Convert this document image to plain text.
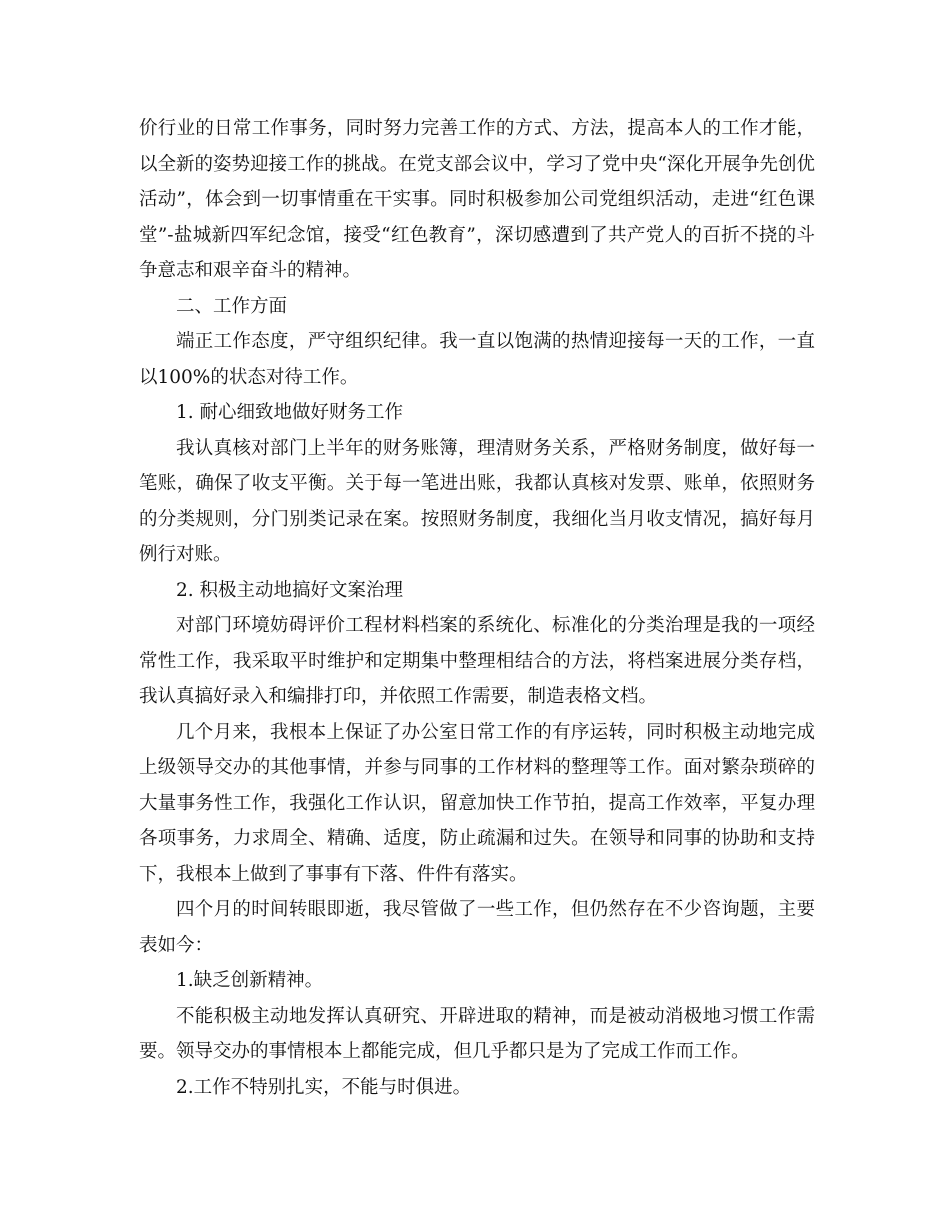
价行业的日常工作事务，同时努力完善工作的方式、方法，提高本人的工作才能，以全新的姿势迎接工作的挑战。在党支部会议中，学习了党中央“深化开展争先创优活动”，体会到一切事情重在干实事。同时积极参加公司党组织活动，走进“红色课堂”-盐城新四军纪念馆，接受“红色教育”，深切感遭到了共产党人的百折不挠的斗争意志和艰辛奋斗的精神。

二、工作方面

端正工作态度，严守组织纪律。我一直以饱满的热情迎接每一天的工作，一直以100%的状态对待工作。

1. 耐心细致地做好财务工作

我认真核对部门上半年的财务账簿，理清财务关系，严格财务制度，做好每一笔账，确保了收支平衡。关于每一笔进出账，我都认真核对发票、账单，依照财务的分类规则，分门别类记录在案。按照财务制度，我细化当月收支情况，搞好每月例行对账。

2. 积极主动地搞好文案治理

对部门环境妨碍评价工程材料档案的系统化、标准化的分类治理是我的一项经常性工作，我采取平时维护和定期集中整理相结合的方法，将档案进展分类存档，我认真搞好录入和编排打印，并依照工作需要，制造表格文档。

几个月来，我根本上保证了办公室日常工作的有序运转，同时积极主动地完成上级领导交办的其他事情，并参与同事的工作材料的整理等工作。面对繁杂琐碎的大量事务性工作，我强化工作认识，留意加快工作节拍，提高工作效率，平复办理各项事务，力求周全、精确、适度，防止疏漏和过失。在领导和同事的协助和支持下，我根本上做到了事事有下落、件件有落实。

四个月的时间转眼即逝，我尽管做了一些工作，但仍然存在不少咨询题，主要表如今：

1.缺乏创新精神。

不能积极主动地发挥认真研究、开辟进取的精神，而是被动消极地习惯工作需要。领导交办的事情根本上都能完成，但几乎都只是为了完成工作而工作。

2.工作不特别扎实，不能与时俱进。
